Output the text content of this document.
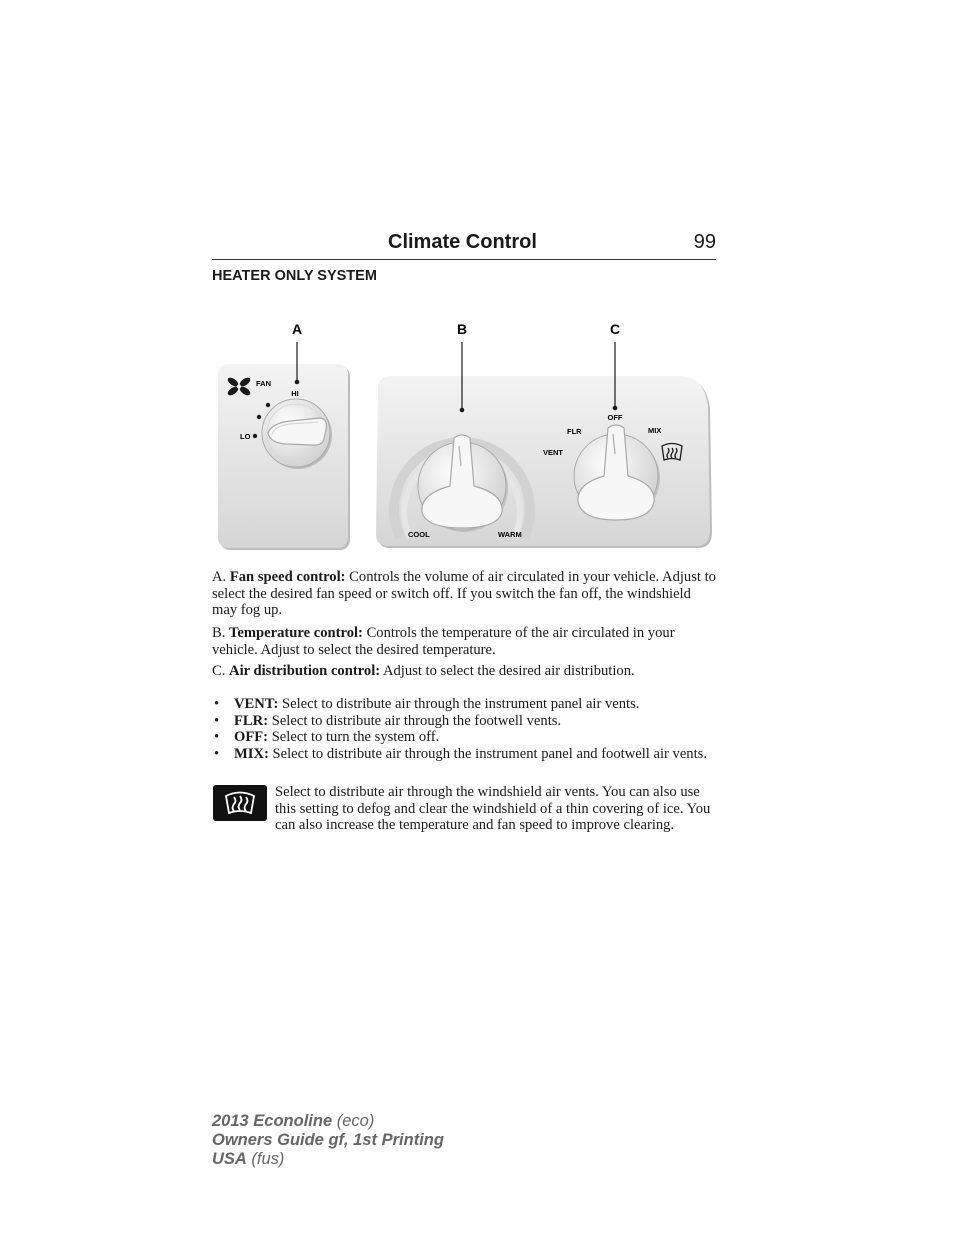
Climate Control	99
HEATER ONLY SYSTEM
A	B	C
FAN
HI
LO
COOL	WARM
OFF
FLR	MIX
VENT
A. Fan speed control: Controls the volume of air circulated in your vehicle. Adjust to select the desired fan speed or switch off. If you switch the fan off, the windshield may fog up.
B. Temperature control: Controls the temperature of the air circulated in your vehicle. Adjust to select the desired temperature.
C. Air distribution control: Adjust to select the desired air distribution.
• VENT: Select to distribute air through the instrument panel air vents.
• FLR: Select to distribute air through the footwell vents.
• OFF: Select to turn the system off.
• MIX: Select to distribute air through the instrument panel and footwell air vents.
Select to distribute air through the windshield air vents. You can also use this setting to defog and clear the windshield of a thin covering of ice. You can also increase the temperature and fan speed to improve clearing.
2013 Econoline (eco)
Owners Guide gf, 1st Printing
USA (fus)
